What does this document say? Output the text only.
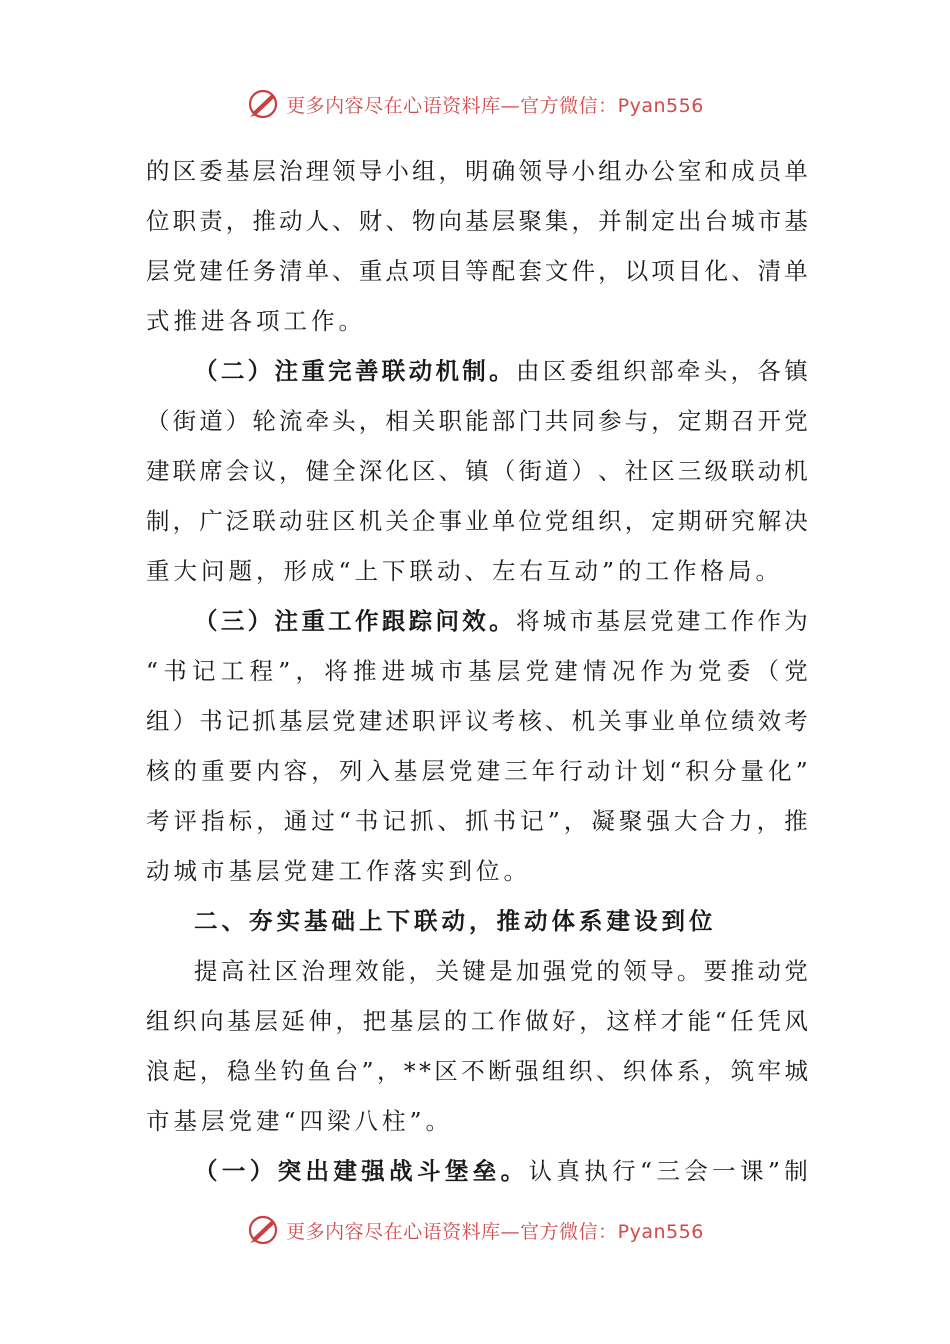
更多内容尽在心语资料库—官方微信：Pyan556
的 区 委 基 层 治 理 领 导 小 组 ， 明 确 领 导 小 组 办 公 室 和 成 员 单
位 职 责 ， 推 动 人 、 财 、 物 向 基 层 聚 集 ， 并 制 定 出 台 城 市 基
层 党 建 任 务 清 单 、 重 点 项 目 等 配 套 文 件 ， 以 项 目 化 、 清 单
式推进各项工作。
（ 二 ） 注 重 完 善 联 动 机 制 。 由 区 委 组 织 部 牵 头 ， 各 镇
（ 街 道 ） 轮 流 牵 头 ， 相 关 职 能 部 门 共 同 参 与 ， 定 期 召 开 党
建 联 席 会 议 ， 健 全 深 化 区 、 镇 （ 街 道 ） 、 社 区 三 级 联 动 机
制 ， 广 泛 联 动 驻 区 机 关 企 事 业 单 位 党 组 织 ， 定 期 研 究 解 决
重大问题，形成“上下联动、左右互动”的工作格局。
（ 三 ） 注 重 工 作 跟 踪 问 效 。 将 城 市 基 层 党 建 工 作 作 为
“ 书 记 工 程 ” ， 将 推 进 城 市 基 层 党 建 情 况 作 为 党 委 （ 党
组 ） 书 记 抓 基 层 党 建 述 职 评 议 考 核 、 机 关 事 业 单 位 绩 效 考
核 的 重 要 内 容 ， 列 入 基 层 党 建 三 年 行 动 计 划 “ 积 分 量 化 ”
考 评 指 标 ， 通 过 “ 书 记 抓 、 抓 书 记 ” ， 凝 聚 强 大 合 力 ， 推
动城市基层党建工作落实到位。
二、夯实基础上下联动，推动体系建设到位
提 高 社 区 治 理 效 能 ， 关 键 是 加 强 党 的 领 导 。 要 推 动 党
组 织 向 基 层 延 伸 ， 把 基 层 的 工 作 做 好 ， 这 样 才 能 “ 任 凭 风
浪 起 ， 稳 坐 钓 鱼 台 ” ， * * 区 不 断 强 组 织 、 织 体 系 ， 筑 牢 城
市基层党建“四梁八柱”。
（ 一 ） 突 出 建 强 战 斗 堡 垒 。 认 真 执 行 “ 三 会 一 课 ” 制
更多内容尽在心语资料库—官方微信：Pyan556
